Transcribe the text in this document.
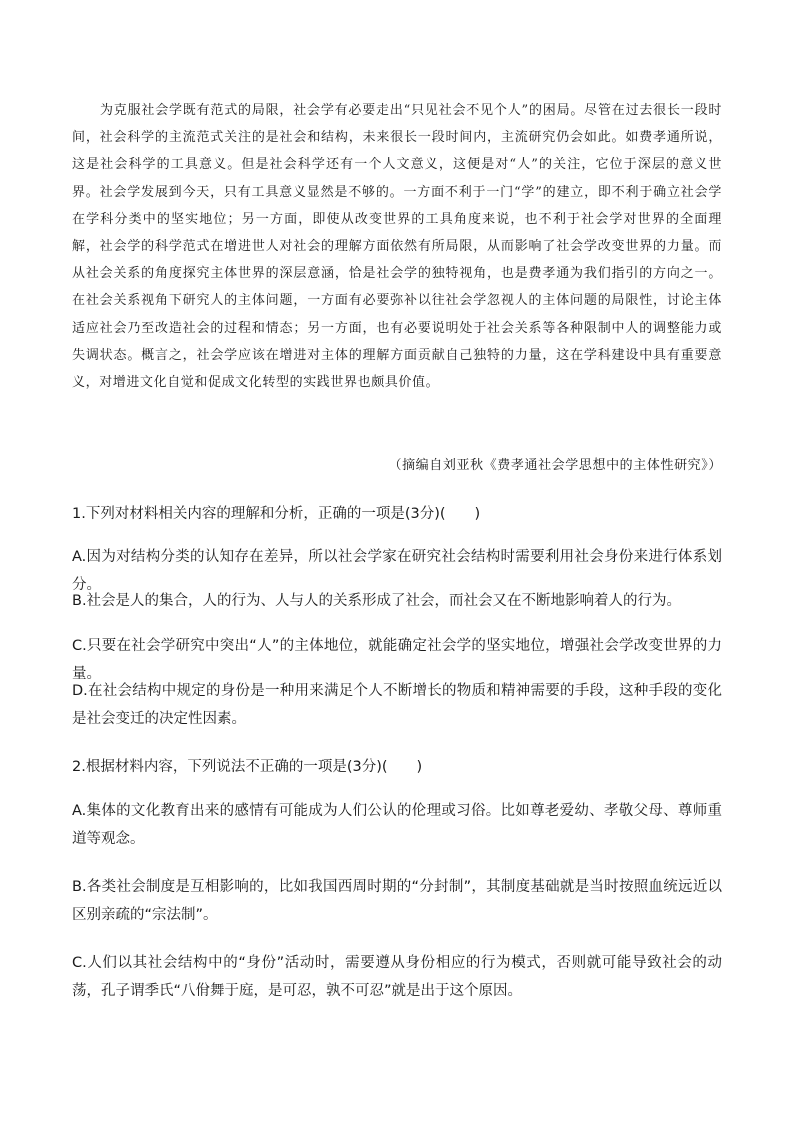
为克服社会学既有范式的局限，社会学有必要走出“只见社会不见个人”的困局。尽管在过去很长一段时间，社会科学的主流范式关注的是社会和结构，未来很长一段时间内，主流研究仍会如此。如费孝通所说，这是社会科学的工具意义。但是社会科学还有一个人文意义，这便是对“人”的关注，它位于深层的意义世界。社会学发展到今天，只有工具意义显然是不够的。一方面不利于一门“学”的建立，即不利于确立社会学在学科分类中的坚实地位；另一方面，即使从改变世界的工具角度来说，也不利于社会学对世界的全面理解，社会学的科学范式在增进世人对社会的理解方面依然有所局限，从而影响了社会学改变世界的力量。而从社会关系的角度探究主体世界的深层意涵，恰是社会学的独特视角，也是费孝通为我们指引的方向之一。在社会关系视角下研究人的主体问题，一方面有必要弥补以往社会学忽视人的主体问题的局限性，讨论主体适应社会乃至改造社会的过程和情态；另一方面，也有必要说明处于社会关系等各种限制中人的调整能力或失调状态。概言之，社会学应该在增进对主体的理解方面贡献自己独特的力量，这在学科建设中具有重要意义，对增进文化自觉和促成文化转型的实践世界也颇具价值。

（摘编自刘亚秋《费孝通社会学思想中的主体性研究》）

1.下列对材料相关内容的理解和分析，正确的一项是(3分)(　　)

A.因为对结构分类的认知存在差异，所以社会学家在研究社会结构时需要利用社会身份来进行体系划分。

B.社会是人的集合，人的行为、人与人的关系形成了社会，而社会又在不断地影响着人的行为。

C.只要在社会学研究中突出“人”的主体地位，就能确定社会学的坚实地位，增强社会学改变世界的力量。

D.在社会结构中规定的身份是一种用来满足个人不断增长的物质和精神需要的手段，这种手段的变化是社会变迁的决定性因素。

2.根据材料内容，下列说法不正确的一项是(3分)(　　)

A.集体的文化教育出来的感情有可能成为人们公认的伦理或习俗。比如尊老爱幼、孝敬父母、尊师重道等观念。

B.各类社会制度是互相影响的，比如我国西周时期的“分封制”，其制度基础就是当时按照血统远近以区别亲疏的“宗法制”。

C.人们以其社会结构中的“身份”活动时，需要遵从身份相应的行为模式，否则就可能导致社会的动荡，孔子谓季氏“八佾舞于庭，是可忍，孰不可忍”就是出于这个原因。
